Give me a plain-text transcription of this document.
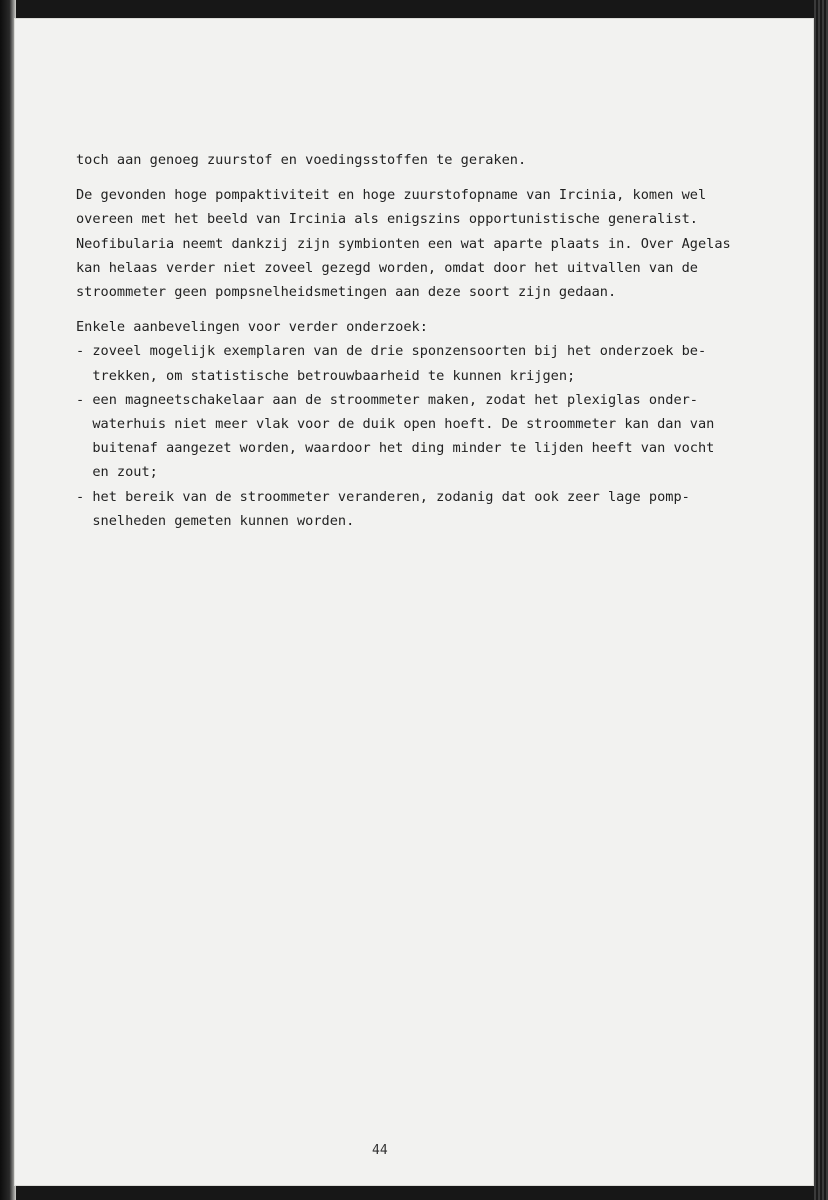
toch aan genoeg zuurstof en voedingsstoffen te geraken.

De gevonden hoge pompaktiviteit en hoge zuurstofopname van Ircinia, komen wel

overeen met het beeld van Ircinia als enigszins opportunistische generalist.

Neofibularia neemt dankzij zijn symbionten een wat aparte plaats in. Over Agelas

kan helaas verder niet zoveel gezegd worden, omdat door het uitvallen van de

stroommeter geen pompsnelheidsmetingen aan deze soort zijn gedaan.

Enkele aanbevelingen voor verder onderzoek:

- zoveel mogelijk exemplaren van de drie sponzensoorten bij het onderzoek be-

trekken, om statistische betrouwbaarheid te kunnen krijgen;

- een magneetschakelaar aan de stroommeter maken, zodat het plexiglas onder-

waterhuis niet meer vlak voor de duik open hoeft. De stroommeter kan dan van

buitenaf aangezet worden, waardoor het ding minder te lijden heeft van vocht

en zout;

- het bereik van de stroommeter veranderen, zodanig dat ook zeer lage pomp-

snelheden gemeten kunnen worden.

44
